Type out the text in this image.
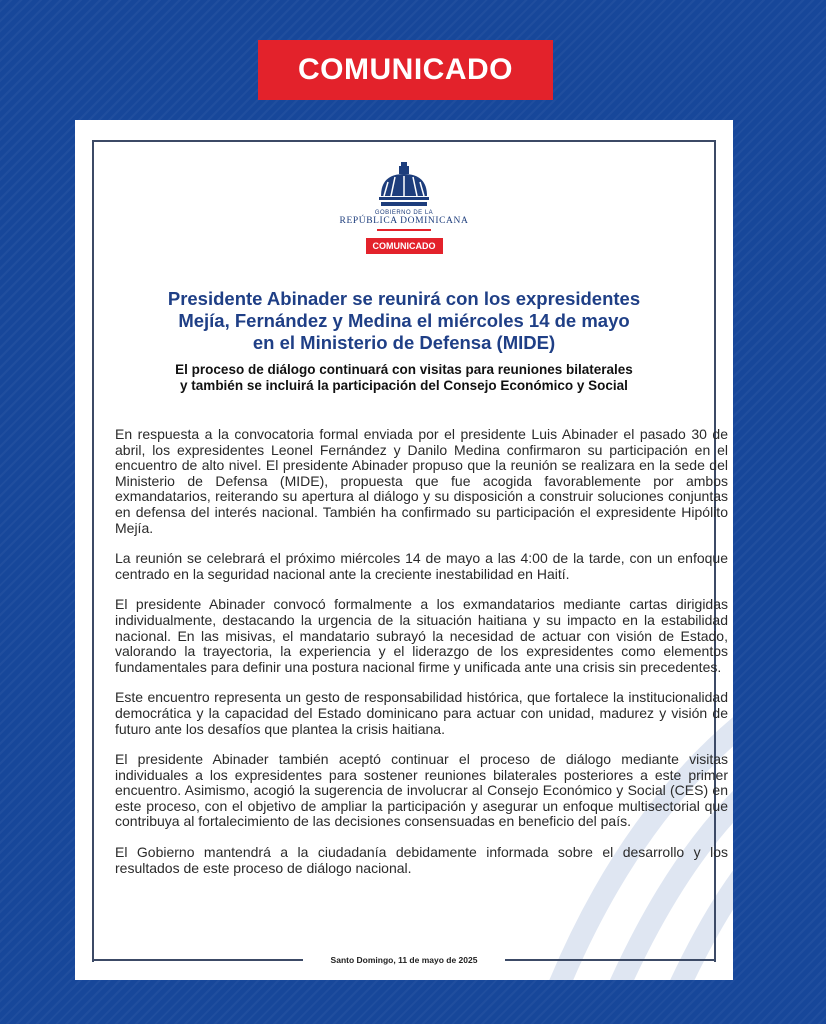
COMUNICADO
GOBIERNO DE LA
REPÚBLICA DOMINICANA
COMUNICADO
Presidente Abinader se reunirá con los expresidentes
Mejía, Fernández y Medina el miércoles 14 de mayo
en el Ministerio de Defensa (MIDE)
El proceso de diálogo continuará con visitas para reuniones bilaterales
y también se incluirá la participación del Consejo Económico y Social

En respuesta a la convocatoria formal enviada por el presidente Luis Abinader el pasado 30 de abril, los expresidentes Leonel Fernández y Danilo Medina confirmaron su participación en el encuentro de alto nivel. El presidente Abinader propuso que la reunión se realizara en la sede del Ministerio de Defensa (MIDE), propuesta que fue acogida favorablemente por ambos exmandatarios, reiterando su apertura al diálogo y su disposición a construir soluciones conjuntas en defensa del interés nacional. También ha confirmado su participación el expresidente Hipólito Mejía.

La reunión se celebrará el próximo miércoles 14 de mayo a las 4:00 de la tarde, con un enfoque centrado en la seguridad nacional ante la creciente inestabilidad en Haití.

El presidente Abinader convocó formalmente a los exmandatarios mediante cartas dirigidas individualmente, destacando la urgencia de la situación haitiana y su impacto en la estabilidad nacional. En las misivas, el mandatario subrayó la necesidad de actuar con visión de Estado, valorando la trayectoria, la experiencia y el liderazgo de los expresidentes como elementos fundamentales para definir una postura nacional firme y unificada ante una crisis sin precedentes.

Este encuentro representa un gesto de responsabilidad histórica, que fortalece la institucionalidad democrática y la capacidad del Estado dominicano para actuar con unidad, madurez y visión de futuro ante los desafíos que plantea la crisis haitiana.

El presidente Abinader también aceptó continuar el proceso de diálogo mediante visitas individuales a los expresidentes para sostener reuniones bilaterales posteriores a este primer encuentro. Asimismo, acogió la sugerencia de involucrar al Consejo Económico y Social (CES) en este proceso, con el objetivo de ampliar la participación y asegurar un enfoque multisectorial que contribuya al fortalecimiento de las decisiones consensuadas en beneficio del país.

El Gobierno mantendrá a la ciudadanía debidamente informada sobre el desarrollo y los resultados de este proceso de diálogo nacional.

Santo Domingo, 11 de mayo de 2025
